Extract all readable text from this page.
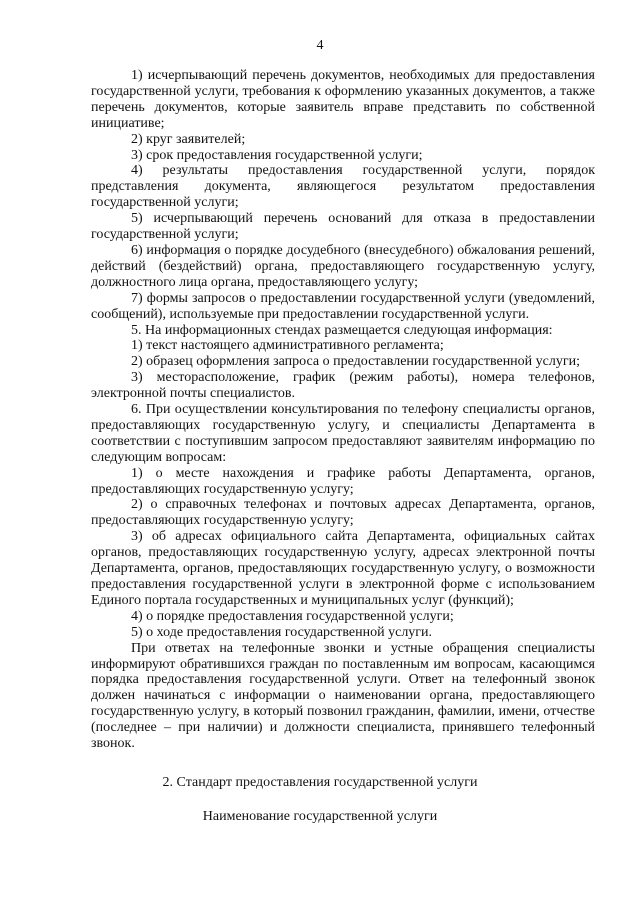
4

1) исчерпывающий перечень документов, необходимых для предоставления государственной услуги, требования к оформлению указанных документов, а также перечень документов, которые заявитель вправе представить по собственной инициативе;

2) круг заявителей;

3) срок предоставления государственной услуги;

4) результаты предоставления государственной услуги, порядок представления документа, являющегося результатом предоставления государственной услуги;

5) исчерпывающий перечень оснований для отказа в предоставлении государственной услуги;

6) информация о порядке досудебного (внесудебного) обжалования решений, действий (бездействий) органа, предоставляющего государственную услугу, должностного лица органа, предоставляющего услугу;

7) формы запросов о предоставлении государственной услуги (уведомлений, сообщений), используемые при предоставлении государственной услуги.

5. На информационных стендах размещается следующая информация:

1) текст настоящего административного регламента;

2) образец оформления запроса о предоставлении государственной услуги;

3) месторасположение, график (режим работы), номера телефонов, электронной почты специалистов.

6. При осуществлении консультирования по телефону специалисты органов, предоставляющих государственную услугу, и специалисты Департамента в соответствии с поступившим запросом предоставляют заявителям информацию по следующим вопросам:

1) о месте нахождения и графике работы Департамента, органов, предоставляющих государственную услугу;

2) о справочных телефонах и почтовых адресах Департамента, органов, предоставляющих государственную услугу;

3) об адресах официального сайта Департамента, официальных сайтах органов, предоставляющих государственную услугу, адресах электронной почты Департамента, органов, предоставляющих государственную услугу, о возможности предоставления государственной услуги в электронной форме с использованием Единого портала государственных и муниципальных услуг (функций);

4) о порядке предоставления государственной услуги;

5) о ходе предоставления государственной услуги.

При ответах на телефонные звонки и устные обращения специалисты информируют обратившихся граждан по поставленным им вопросам, касающимся порядка предоставления государственной услуги. Ответ на телефонный звонок должен начинаться с информации о наименовании органа, предоставляющего государственную услугу, в который позвонил гражданин, фамилии, имени, отчестве (последнее – при наличии) и должности специалиста, принявшего телефонный звонок.

2. Стандарт предоставления государственной услуги
Наименование государственной услуги
